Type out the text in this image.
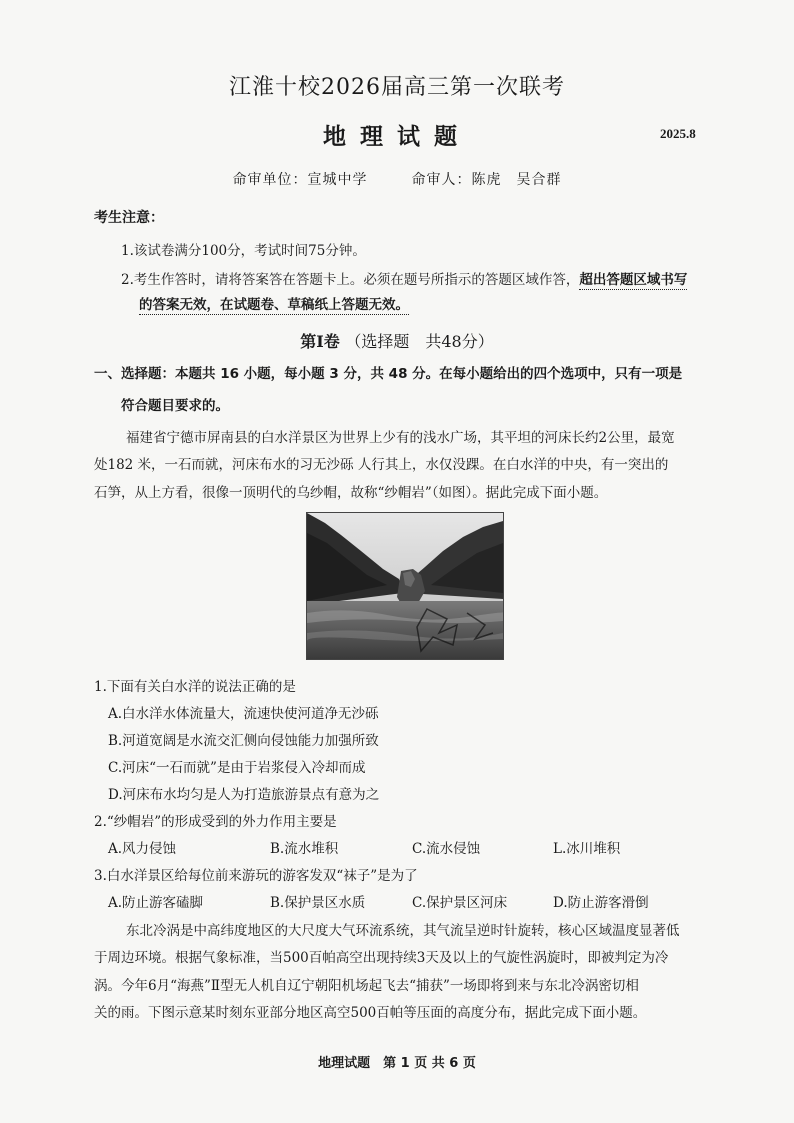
江淮十校2026届高三第一次联考
地理试题	2025.8
命审单位：宣城中学	命审人：陈虎　吴合群
考生注意：
1.该试卷满分100分，考试时间75分钟。
2.考生作答时，请将答案答在答题卡上。必须在题号所指示的答题区域作答，超出答题区域书写
的答案无效，在试题卷、草稿纸上答题无效。
第Ⅰ卷 （选择题　共48分）
一、选择题：本题共 16 小题，每小题 3 分，共 48 分。在每小题给出的四个选项中，只有一项是
符合题目要求的。
福建省宁德市屏南县的白水洋景区为世界上少有的浅水广场，其平坦的河床长约2公里，最宽
处182 米，一石而就，河床布水的习无沙砾 人行其上，水仅没踝。在白水洋的中央，有一突出的
石笋，从上方看，很像一顶明代的乌纱帽，故称“纱帽岩”（如图）。据此完成下面小题。
1.下面有关白水洋的说法正确的是
A.白水洋水体流量大，流速快使河道净无沙砾
B.河道宽阔是水流交汇侧向侵蚀能力加强所致
C.河床“一石而就”是由于岩浆侵入冷却而成
D.河床布水均匀是人为打造旅游景点有意为之
2.“纱帽岩”的形成受到的外力作用主要是
A.风力侵蚀	B.流水堆积	C.流水侵蚀	L.冰川堆积
3.白水洋景区给每位前来游玩的游客发双“袜子”是为了
A.防止游客磕脚	B.保护景区水质	C.保护景区河床	D.防止游客滑倒
东北冷涡是中高纬度地区的大尺度大气环流系统，其气流呈逆时针旋转，核心区域温度显著低
于周边环境。根据气象标准，当500百帕高空出现持续3天及以上的气旋性涡旋时，即被判定为冷
涡。今年6月“海燕”Ⅱ型无人机自辽宁朝阳机场起飞去“捕获”一场即将到来与东北冷涡密切相
关的雨。下图示意某时刻东亚部分地区高空500百帕等压面的高度分布，据此完成下面小题。
地理试题　第 1 页 共 6 页
